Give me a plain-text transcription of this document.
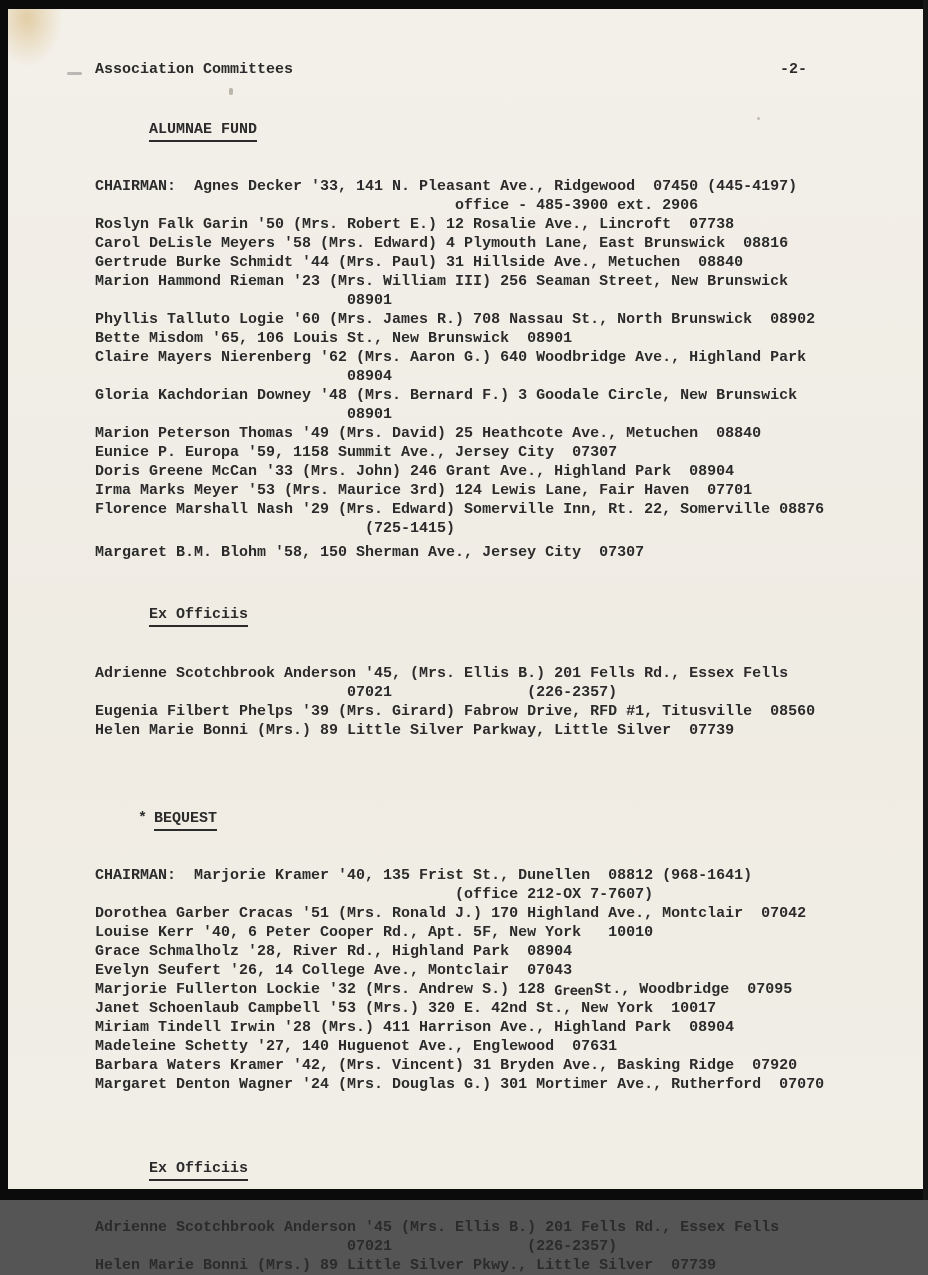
Association Committees	-2-

ALUMNAE FUND

CHAIRMAN:  Agnes Decker '33, 141 N. Pleasant Ave., Ridgewood  07450 (445-4197)
office - 485-3900 ext. 2906
Roslyn Falk Garin '50 (Mrs. Robert E.) 12 Rosalie Ave., Lincroft  07738
Carol DeLisle Meyers '58 (Mrs. Edward) 4 Plymouth Lane, East Brunswick  08816
Gertrude Burke Schmidt '44 (Mrs. Paul) 31 Hillside Ave., Metuchen  08840
Marion Hammond Rieman '23 (Mrs. William III) 256 Seaman Street, New Brunswick
08901
Phyllis Talluto Logie '60 (Mrs. James R.) 708 Nassau St., North Brunswick  08902
Bette Misdom '65, 106 Louis St., New Brunswick  08901
Claire Mayers Nierenberg '62 (Mrs. Aaron G.) 640 Woodbridge Ave., Highland Park
08904
Gloria Kachdorian Downey '48 (Mrs. Bernard F.) 3 Goodale Circle, New Brunswick
08901
Marion Peterson Thomas '49 (Mrs. David) 25 Heathcote Ave., Metuchen  08840
Eunice P. Europa '59, 1158 Summit Ave., Jersey City  07307
Doris Greene McCan '33 (Mrs. John) 246 Grant Ave., Highland Park  08904
Irma Marks Meyer '53 (Mrs. Maurice 3rd) 124 Lewis Lane, Fair Haven  07701
Florence Marshall Nash '29 (Mrs. Edward) Somerville Inn, Rt. 22, Somerville 08876
(725-1415)
Margaret B.M. Blohm '58, 150 Sherman Ave., Jersey City  07307

Ex Officiis

Adrienne Scotchbrook Anderson '45, (Mrs. Ellis B.) 201 Fells Rd., Essex Fells
07021               (226-2357)
Eugenia Filbert Phelps '39 (Mrs. Girard) Fabrow Drive, RFD #1, Titusville  08560
Helen Marie Bonni (Mrs.) 89 Little Silver Parkway, Little Silver  07739

* BEQUEST

CHAIRMAN:  Marjorie Kramer '40, 135 Frist St., Dunellen  08812 (968-1641)
(office 212-OX 7-7607)
Dorothea Garber Cracas '51 (Mrs. Ronald J.) 170 Highland Ave., Montclair  07042
Louise Kerr '40, 6 Peter Cooper Rd., Apt. 5F, New York   10010
Grace Schmalholz '28, River Rd., Highland Park  08904
Evelyn Seufert '26, 14 College Ave., Montclair  07043
Marjorie Fullerton Lockie '32 (Mrs. Andrew S.) 128 GreenSt., Woodbridge  07095
Janet Schoenlaub Campbell '53 (Mrs.) 320 E. 42nd St., New York  10017
Miriam Tindell Irwin '28 (Mrs.) 411 Harrison Ave., Highland Park  08904
Madeleine Schetty '27, 140 Huguenot Ave., Englewood  07631
Barbara Waters Kramer '42, (Mrs. Vincent) 31 Bryden Ave., Basking Ridge  07920
Margaret Denton Wagner '24 (Mrs. Douglas G.) 301 Mortimer Ave., Rutherford  07070

Ex Officiis

Adrienne Scotchbrook Anderson '45 (Mrs. Ellis B.) 201 Fells Rd., Essex Fells
07021               (226-2357)
Helen Marie Bonni (Mrs.) 89 Little Silver Pkwy., Little Silver  07739
